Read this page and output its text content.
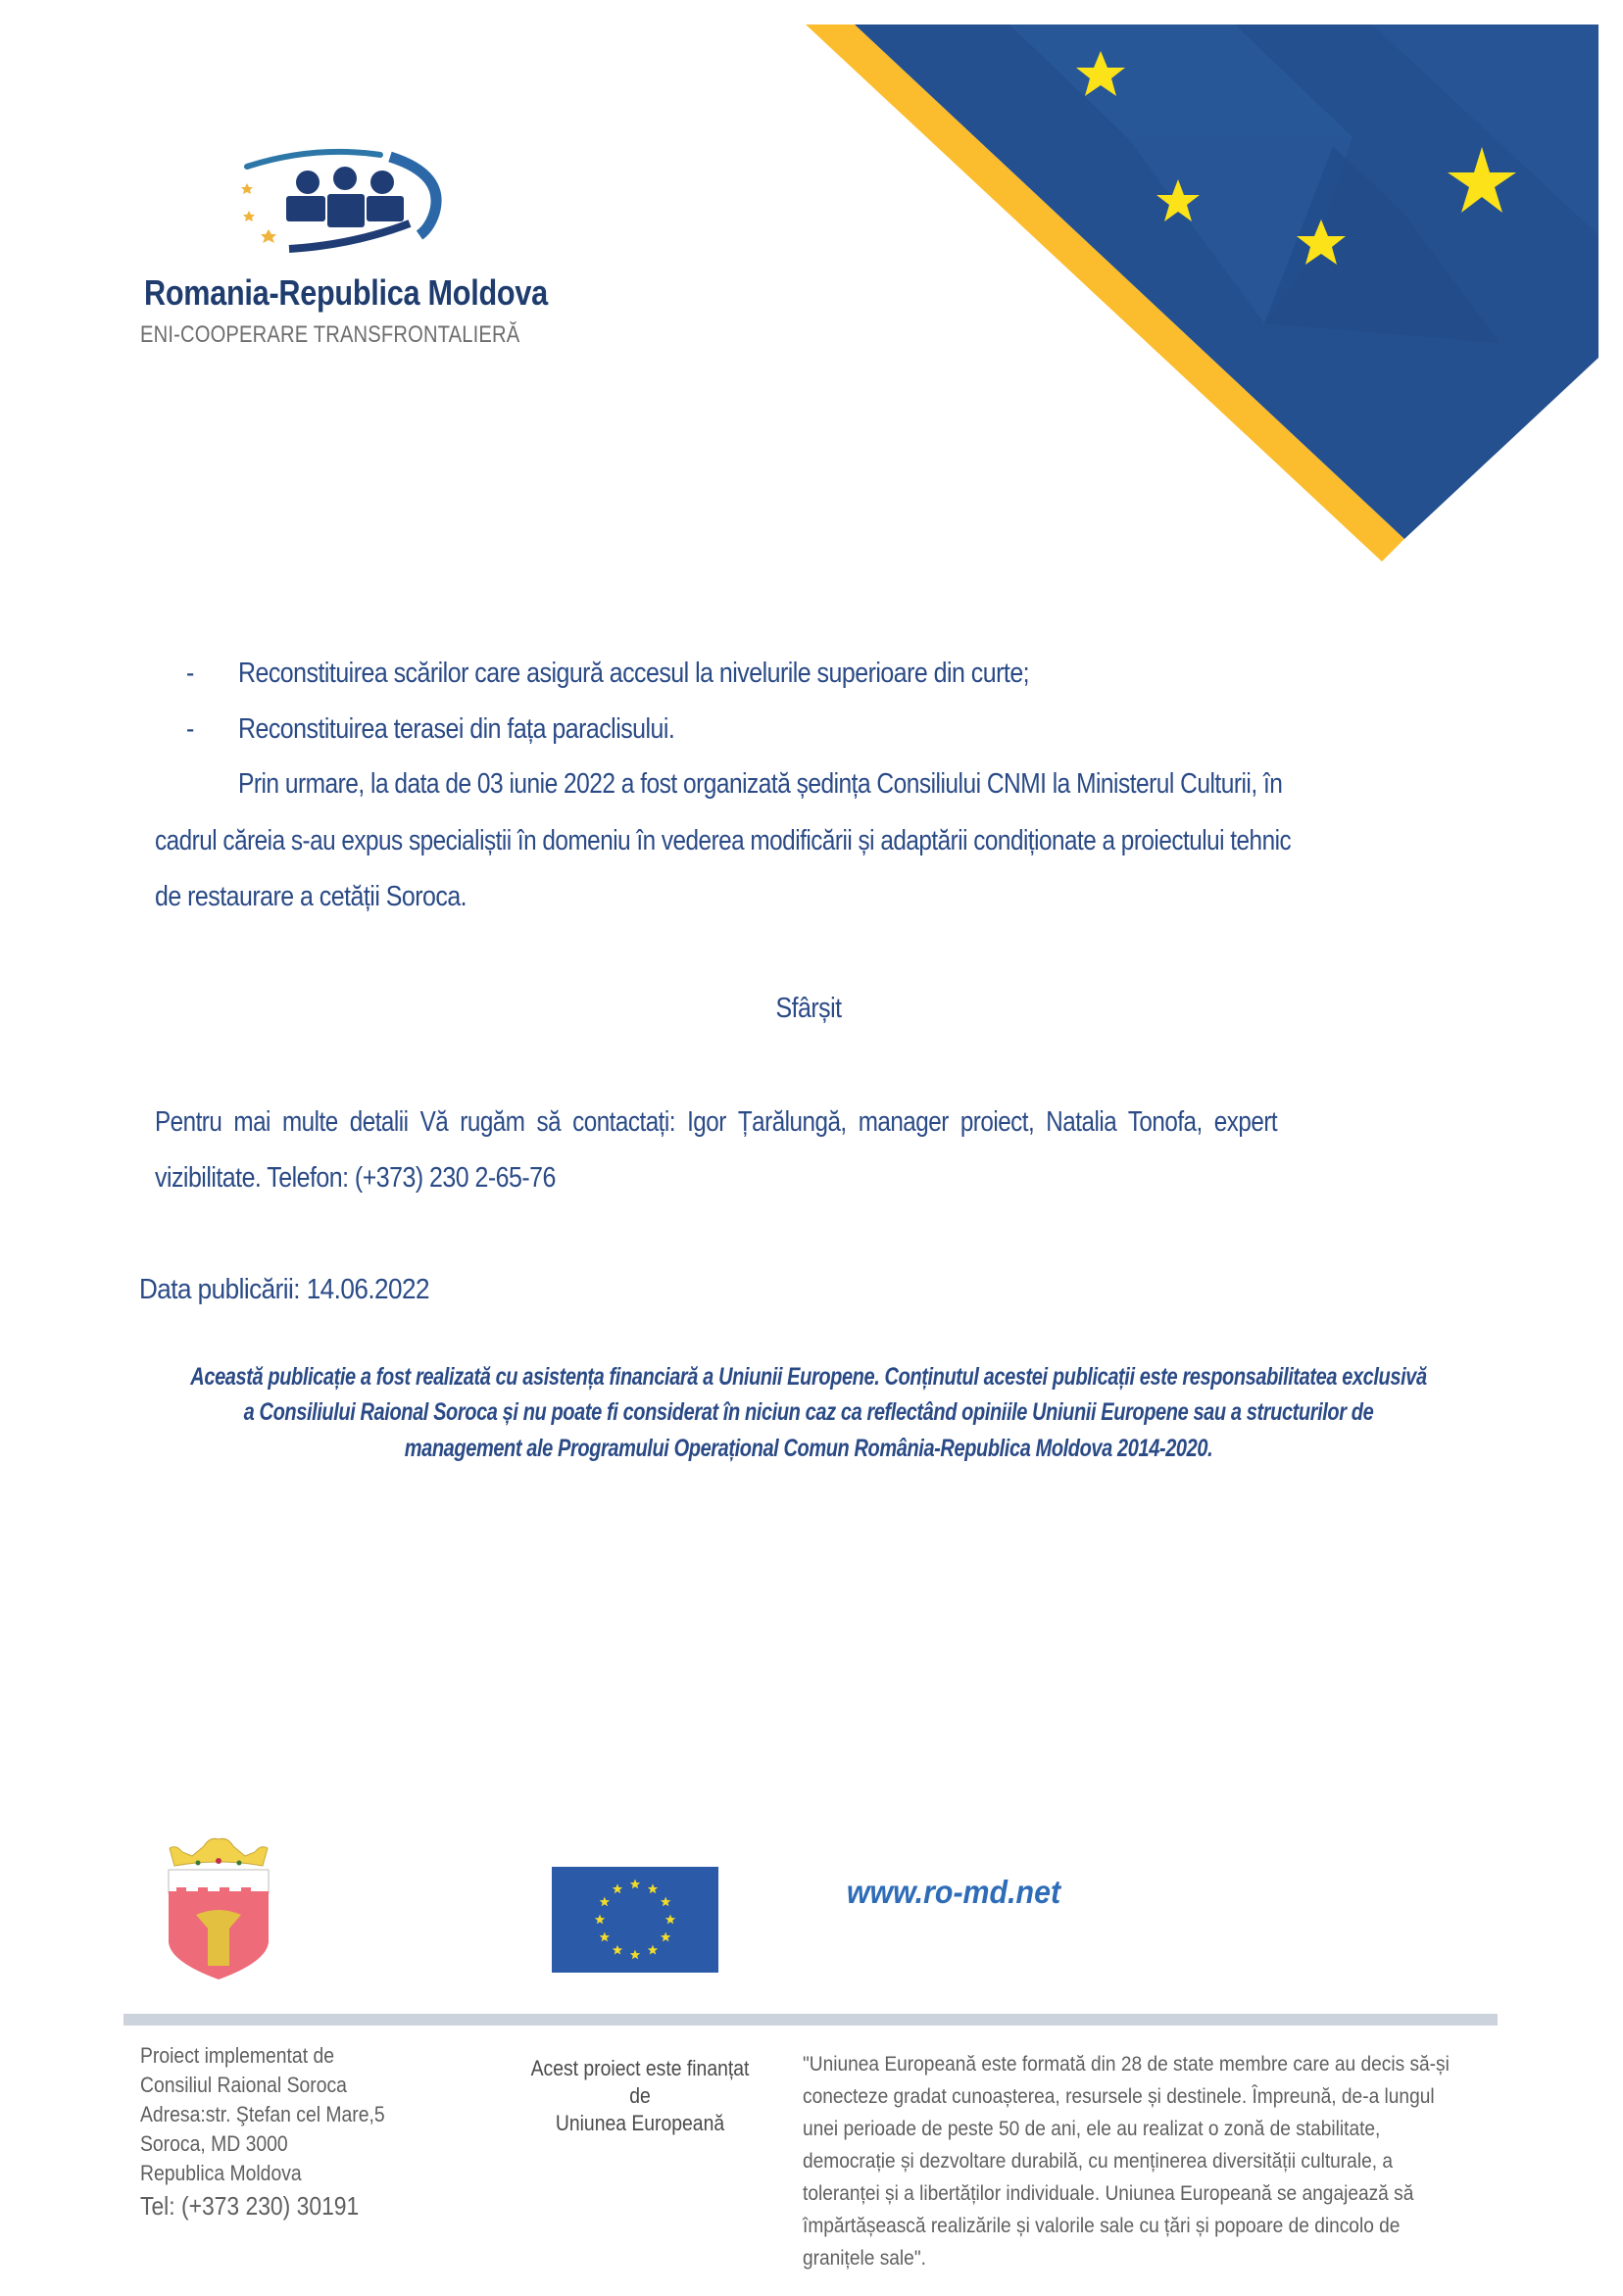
Romania-Republica Moldova
ENI-COOPERARE TRANSFRONTALIERĂ
- Reconstituirea scărilor care asigură accesul la nivelurile superioare din curte;
- Reconstituirea terasei din fața paraclisului.
Prin urmare, la data de 03 iunie 2022 a fost organizată ședința Consiliului CNMI la Ministerul Culturii, în
cadrul căreia s-au expus specialiștii în domeniu în vederea modificării și adaptării condiționate a proiectului tehnic
de restaurare a cetății Soroca.
Sfârșit
Pentru mai multe detalii Vă rugăm să contactați: Igor Țarălungă, manager proiect, Natalia Tonofa, expert
vizibilitate. Telefon: (+373) 230 2-65-76
Data publicării: 14.06.2022
Această publicație a fost realizată cu asistența financiară a Uniunii Europene. Conținutul acestei publicații este responsabilitatea exclusivă
a Consiliului Raional Soroca și nu poate fi considerat în niciun caz ca reflectând opiniile Uniunii Europene sau a structurilor de
management ale Programului Operațional Comun România-Republica Moldova 2014-2020.
www.ro-md.net
Proiect implementat de
Consiliul Raional Soroca
Adresa:str. Ştefan cel Mare,5
Soroca, MD 3000
Republica Moldova
Tel: (+373 230) 30191
Acest proiect este finanțat
de
Uniunea Europeană
"Uniunea Europeană este formată din 28 de state membre care au decis să-și
conecteze gradat cunoașterea, resursele și destinele. Împreună, de-a lungul
unei perioade de peste 50 de ani, ele au realizat o zonă de stabilitate,
democrație și dezvoltare durabilă, cu menținerea diversității culturale, a
toleranței și a libertăților individuale. Uniunea Europeană se angajează să
împărtășească realizările și valorile sale cu țări și popoare de dincolo de
granițele sale".
